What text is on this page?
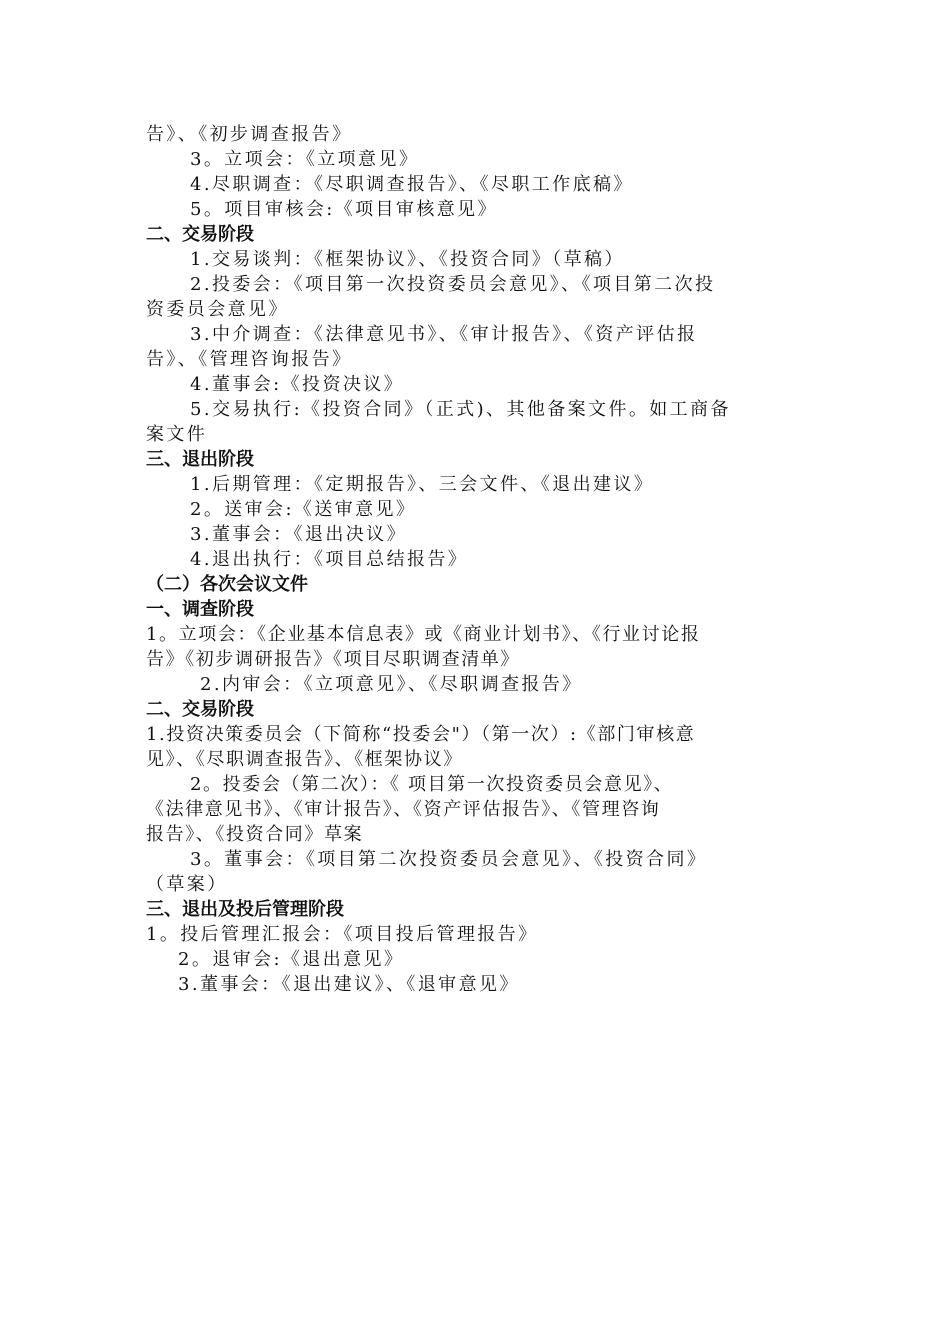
告》、《初步调查报告》
3。立项会：《立项意见》
4.尽职调查：《尽职调查报告》、《尽职工作底稿》
5。项目审核会:《项目审核意见》
二、交易阶段
1.交易谈判：《框架协议》、《投资合同》（草稿）
2.投委会：《项目第一次投资委员会意见》、《项目第二次投
资委员会意见》
3.中介调查：《法律意见书》、《审计报告》、《资产评估报
告》、《管理咨询报告》
4.董事会:《投资决议》
5.交易执行:《投资合同》（正式)、其他备案文件。如工商备
案文件
三、退出阶段
1.后期管理：《定期报告》、三会文件、《退出建议》
2。送审会:《送审意见》
3.董事会：《退出决议》
4.退出执行：《项目总结报告》
（二）各次会议文件
一、调查阶段
1。立项会：《企业基本信息表》或《商业计划书》、《行业讨论报
告》《初步调研报告》《项目尽职调查清单》
2.内审会：《立项意见》、《尽职调查报告》
二、交易阶段
1.投资决策委员会（下简称“投委会"）（第一次）:《部门审核意
见》、《尽职调查报告》、《框架协议》
2。投委会（第二次）：《 项目第一次投资委员会意见》、
《法律意见书》、《审计报告》、《资产评估报告》、《管理咨询
报告》、《投资合同》草案
3。董事会：《项目第二次投资委员会意见》、《投资合同》
（草案）
三、退出及投后管理阶段
1。投后管理汇报会：《项目投后管理报告》
2。退审会:《退出意见》
3.董事会：《退出建议》、《退审意见》
